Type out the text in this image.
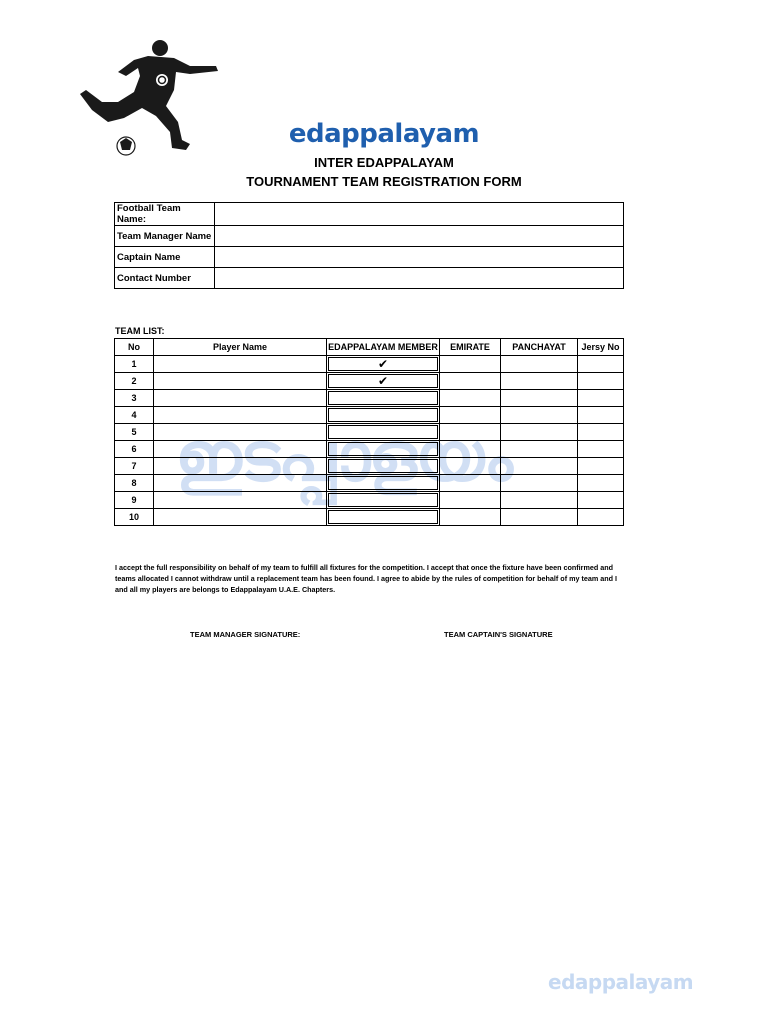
edappalayam
INTER EDAPPALAYAM
TOURNAMENT TEAM REGISTRATION FORM
Football Team Name:	
Team Manager Name	
Captain Name	
Contact Number	
TEAM LIST:
ഇടപ്പാളയം
No	Player Name	EDAPPALAYAM MEMBER	EMIRATE	PANCHAYAT	Jersy No
1		✔			

2		✔			

3		

4		

5		

6		

7		

8		

9		

10		

I accept the full responsibility on behalf of my team to fulfill all fixtures for the competition. I accept that once the fixture have been confirmed and teams allocated I cannot withdraw until a replacement team has been found. I agree to abide by the rules of competition for behalf of my team and I and all my players are belongs to Edappalayam U.A.E. Chapters.
TEAM MANAGER SIGNATURE:	TEAM CAPTAIN'S SIGNATURE
edappalayam
